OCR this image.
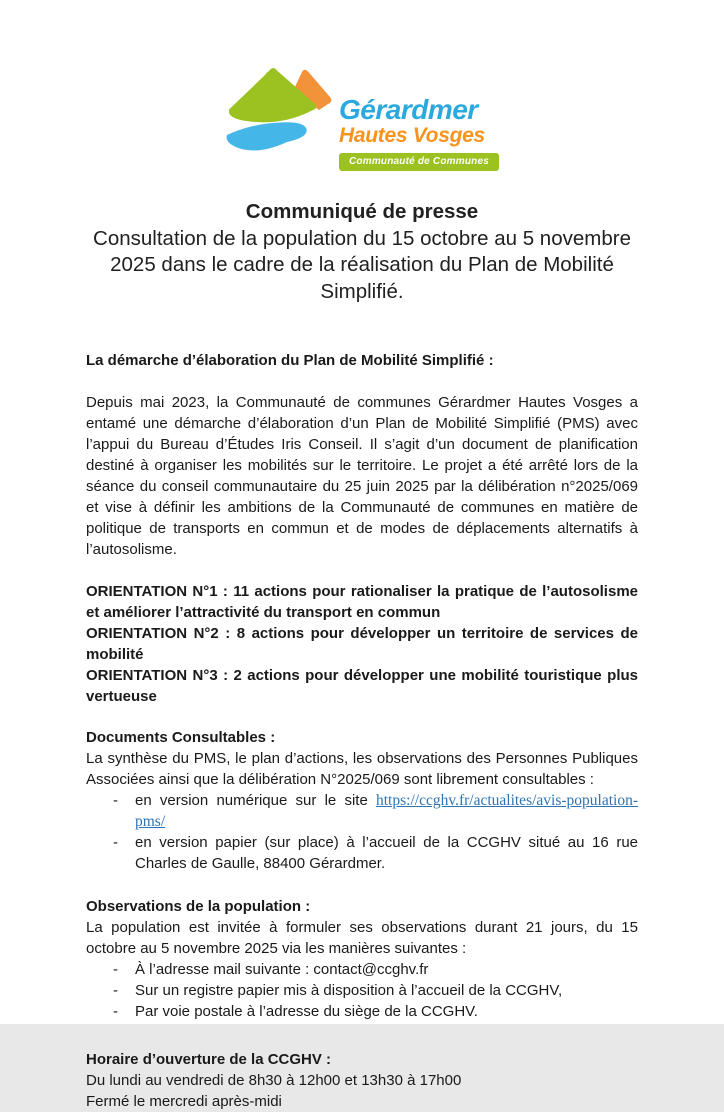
Gérardmer
Hautes Vosges
Communauté de Communes

Communiqué de presse

Consultation de la population du 15 octobre au 5 novembre 2025 dans le cadre de la réalisation du Plan de Mobilité Simplifié.

La démarche d’élaboration du Plan de Mobilité Simplifié :

Depuis mai 2023, la Communauté de communes Gérardmer Hautes Vosges a entamé une démarche d’élaboration d’un Plan de Mobilité Simplifié (PMS) avec l’appui du Bureau d’Études Iris Conseil. Il s’agit d’un document de planification destiné à organiser les mobilités sur le territoire. Le projet a été arrêté lors de la séance du conseil communautaire du 25 juin 2025 par la délibération n°2025/069 et vise à définir les ambitions de la Communauté de communes en matière de politique de transports en commun et de modes de déplacements alternatifs à l’autosolisme.

ORIENTATION N°1 : 11 actions pour rationaliser la pratique de l’autosolisme et améliorer l’attractivité du transport en commun

ORIENTATION N°2 : 8 actions pour développer un territoire de services de mobilité

ORIENTATION N°3 : 2 actions pour développer une mobilité touristique plus vertueuse

Documents Consultables :

La synthèse du PMS, le plan d’actions, les observations des Personnes Publiques Associées ainsi que la délibération N°2025/069 sont librement consultables :

-	en version numérique sur le site https://ccghv.fr/actualites/avis-population-pms/
-	en version papier (sur place) à l’accueil de la CCGHV situé au 16 rue Charles de Gaulle, 88400 Gérardmer.
Observations de la population :

La population est invitée à formuler ses observations durant 21 jours, du 15 octobre au 5 novembre 2025 via les manières suivantes :

-	À l’adresse mail suivante : contact@ccghv.fr
-	Sur un registre papier mis à disposition à l’accueil de la CCGHV,
-	Par voie postale à l’adresse du siège de la CCGHV.
Horaire d’ouverture de la CCGHV :

Du lundi au vendredi de 8h30 à 12h00 et 13h30 à 17h00

Fermé le mercredi après-midi
